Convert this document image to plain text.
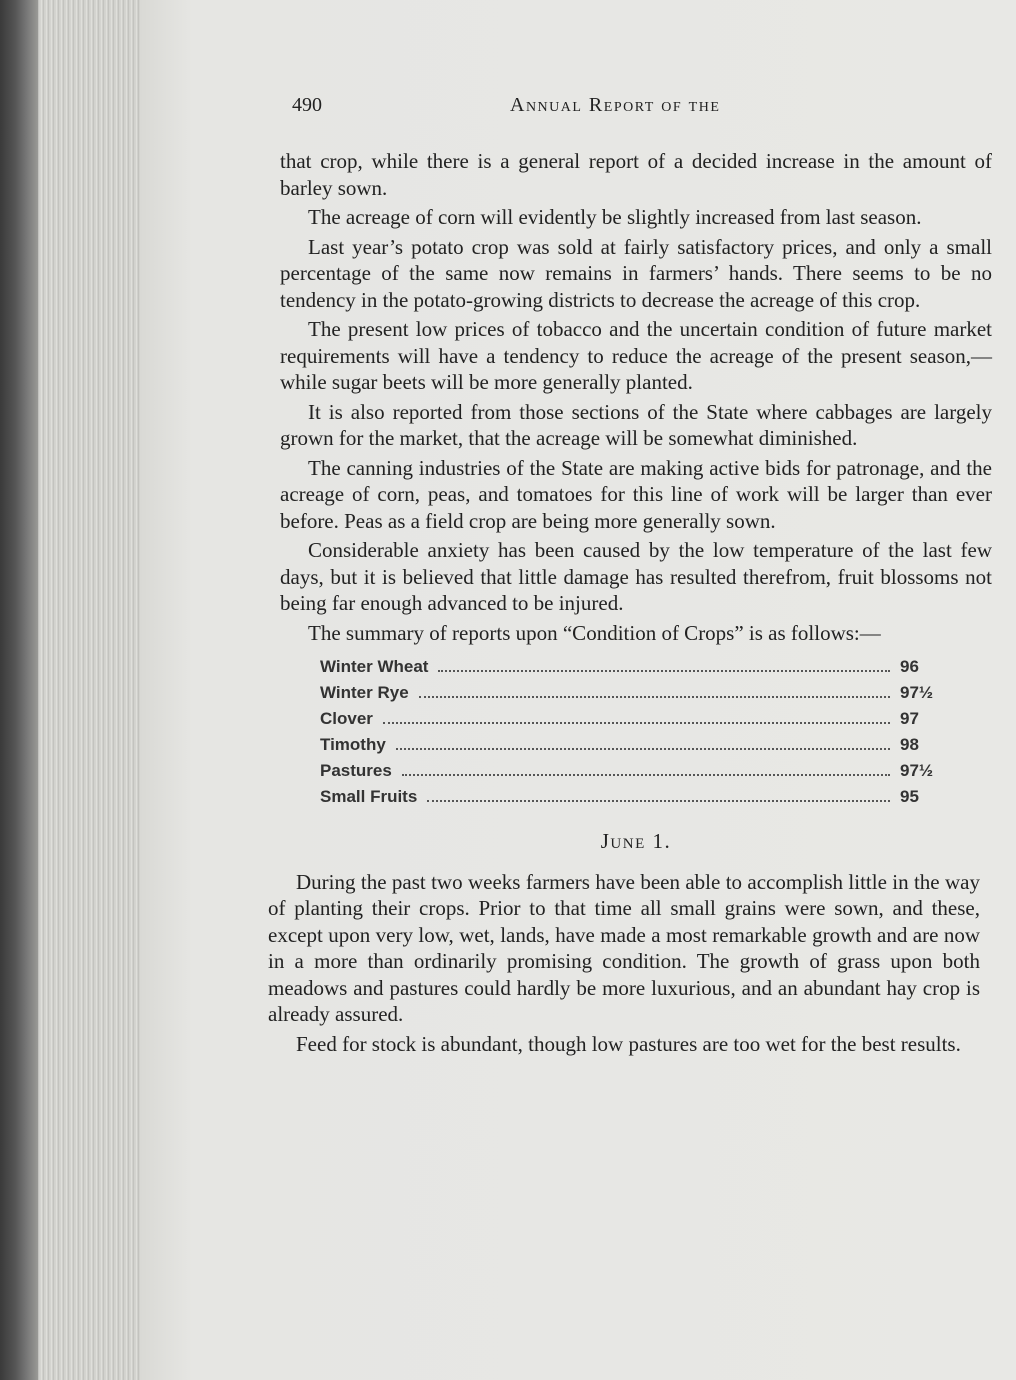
490	Annual Report of the

that crop, while there is a general report of a decided increase in the amount of barley sown.

The acreage of corn will evidently be slightly increased from last season.

Last year’s potato crop was sold at fairly satisfactory prices, and only a small percentage of the same now remains in farmers’ hands. There seems to be no tendency in the potato-growing districts to decrease the acreage of this crop.

The present low prices of tobacco and the uncertain condition of future market requirements will have a tendency to reduce the acreage of the present season,—while sugar beets will be more generally planted.

It is also reported from those sections of the State where cabbages are largely grown for the market, that the acreage will be somewhat diminished.

The canning industries of the State are making active bids for patronage, and the acreage of corn, peas, and tomatoes for this line of work will be larger than ever before. Peas as a field crop are being more generally sown.

Considerable anxiety has been caused by the low temperature of the last few days, but it is believed that little damage has resulted therefrom, fruit blossoms not being far enough advanced to be injured.

The summary of reports upon “Condition of Crops” is as follows:—

Winter Wheat	96
Winter Rye	97½
Clover	97
Timothy	98
Pastures	97½
Small Fruits	95
June 1.

During the past two weeks farmers have been able to accomplish little in the way of planting their crops. Prior to that time all small grains were sown, and these, except upon very low, wet, lands, have made a most remarkable growth and are now in a more than ordinarily promising condition. The growth of grass upon both meadows and pastures could hardly be more luxurious, and an abundant hay crop is already assured.

Feed for stock is abundant, though low pastures are too wet for the best results.
